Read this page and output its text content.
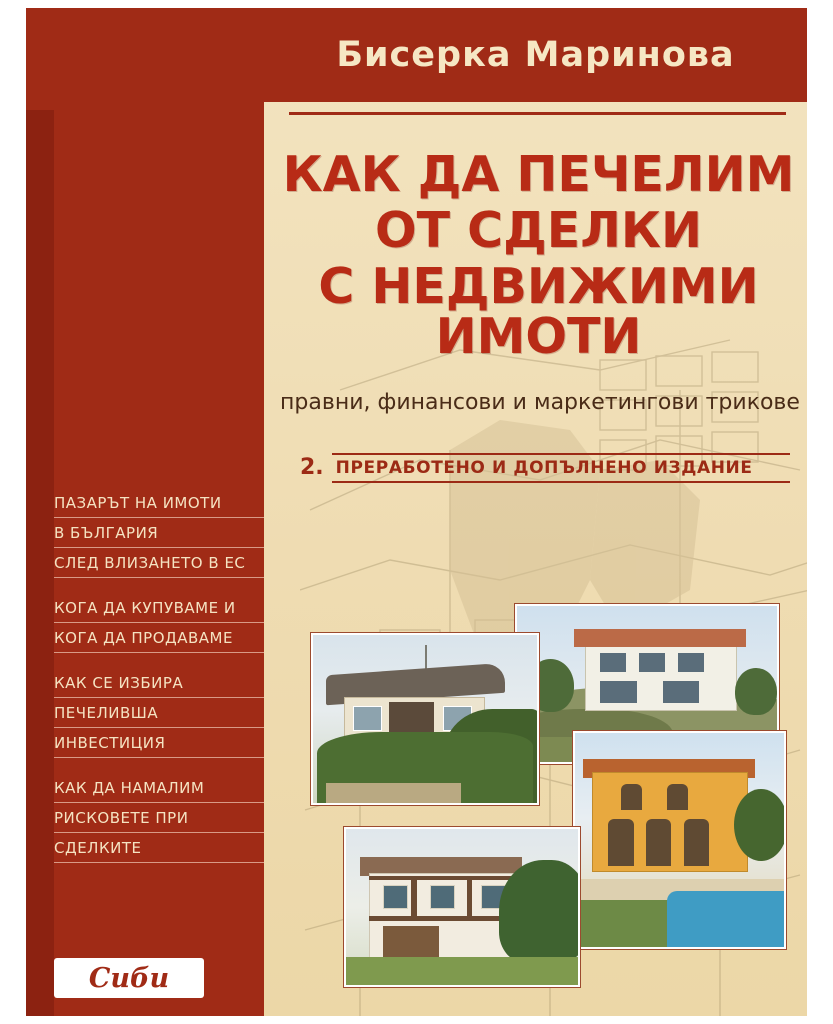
Бисерка Маринова
КАК ДА ПЕЧЕЛИМ
ОТ СДЕЛКИ
С НЕДВИЖИМИ ИМОТИ
правни, финансови и маркетингови трикове
2. ПРЕРАБОТЕНО И ДОПЪЛНЕНО ИЗДАНИЕ
ПАЗАРЪТ НА ИМОТИ
В БЪЛГАРИЯ
СЛЕД ВЛИЗАНЕТО В ЕС
КОГА ДА КУПУВАМЕ И
КОГА ДА ПРОДАВАМЕ
КАК СЕ ИЗБИРА
ПЕЧЕЛИВША
ИНВЕСТИЦИЯ
КАК ДА НАМАЛИМ
РИСКОВЕТЕ ПРИ
СДЕЛКИТЕ
Сиби
